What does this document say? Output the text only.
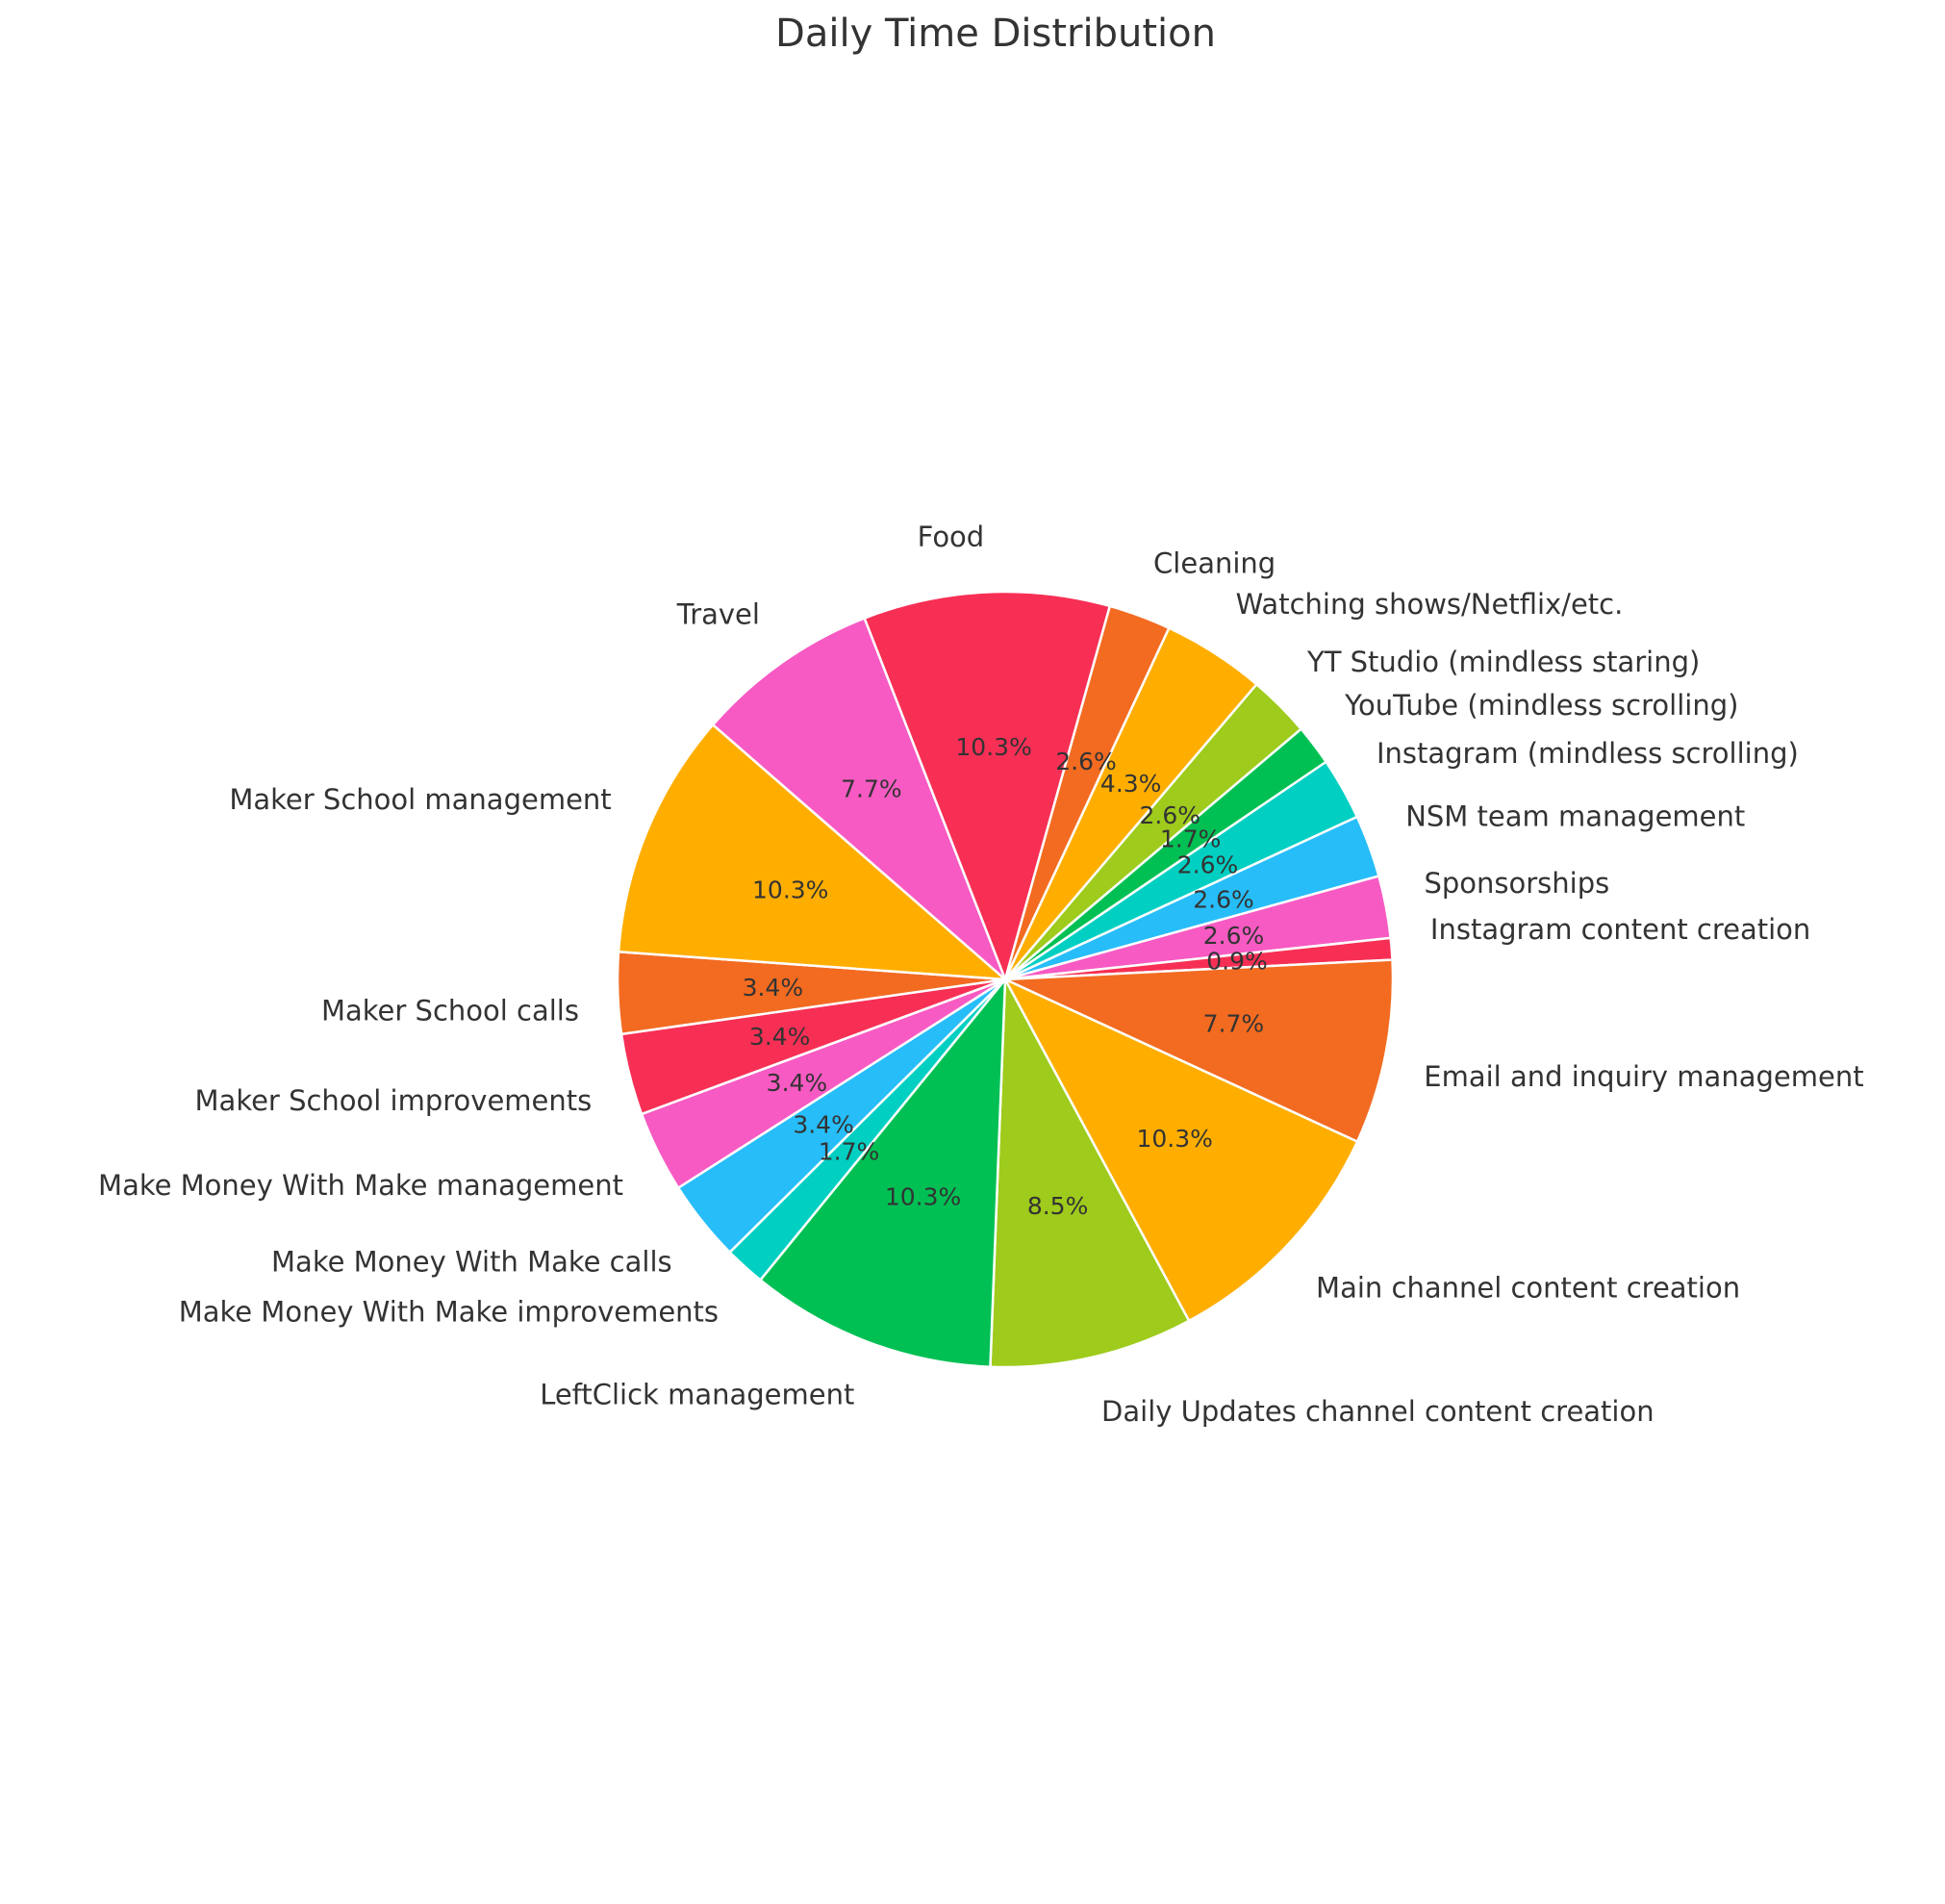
Daily Time Distribution
Food
10.3%
Cleaning
2.6%
Watching shows/Netflix/etc.
4.3%
YT Studio (mindless staring)
2.6%
YouTube (mindless scrolling)
1.7%
Instagram (mindless scrolling)
2.6%
NSM team management
2.6%	Sponsorships
2.6%	Instagram content creation
0.9%
Email and inquiry management
7.7%
Main channel content creation
10.3%
Daily Updates channel content creation
8.5%
LeftClick management
10.3%
Make Money With Make improvements
1.7%
Make Money With Make calls
3.4%
Make Money With Make management
3.4%
Maker School improvements
3.4%
Maker School calls
3.4%
Maker School management
10.3%
Travel
7.7%
